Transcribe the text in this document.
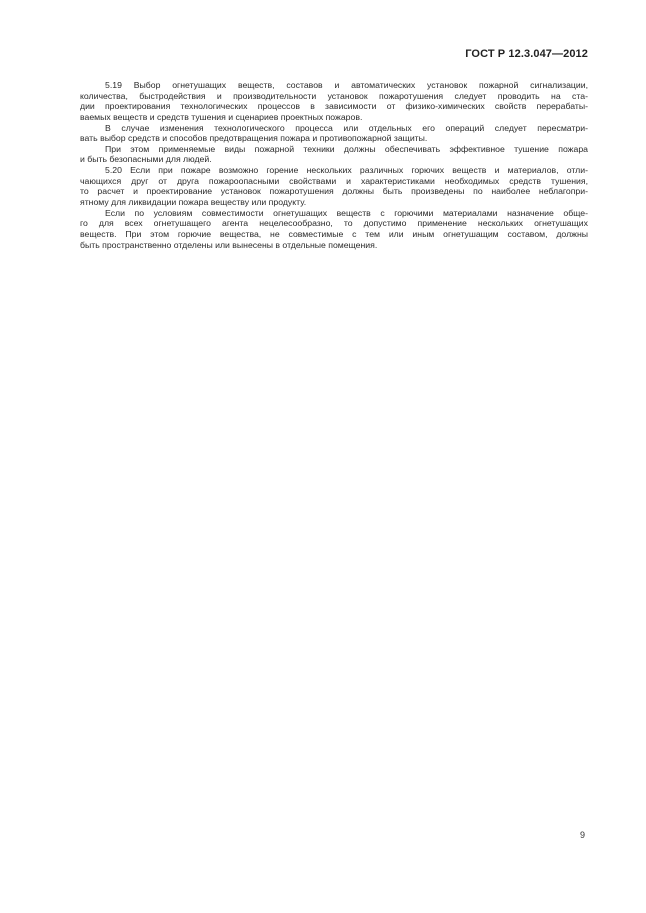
ГОСТ Р 12.3.047—2012
5.19 Выбор огнетушащих веществ, составов и автоматических установок пожарной сигнализации,
количества, быстродействия и производительности установок пожаротушения следует проводить на ста-
дии проектирования технологических процессов в зависимости от физико-химических свойств перерабаты-
ваемых веществ и средств тушения и сценариев проектных пожаров.
В случае изменения технологического процесса или отдельных его операций следует пересматри-
вать выбор средств и способов предотвращения пожара и противопожарной защиты.
При этом применяемые виды пожарной техники должны обеспечивать эффективное тушение пожара
и быть безопасными для людей.
5.20 Если при пожаре возможно горение нескольких различных горючих веществ и материалов, отли-
чающихся друг от друга пожароопасными свойствами и характеристиками необходимых средств тушения,
то расчет и проектирование установок пожаротушения должны быть произведены по наиболее неблагопри-
ятному для ликвидации пожара веществу или продукту.
Если по условиям совместимости огнетушащих веществ с горючими материалами назначение обще-
го для всех огнетушащего агента нецелесообразно, то допустимо применение нескольких огнетушащих
веществ. При этом горючие вещества, не совместимые с тем или иным огнетушащим составом, должны
быть пространственно отделены или вынесены в отдельные помещения.
9
